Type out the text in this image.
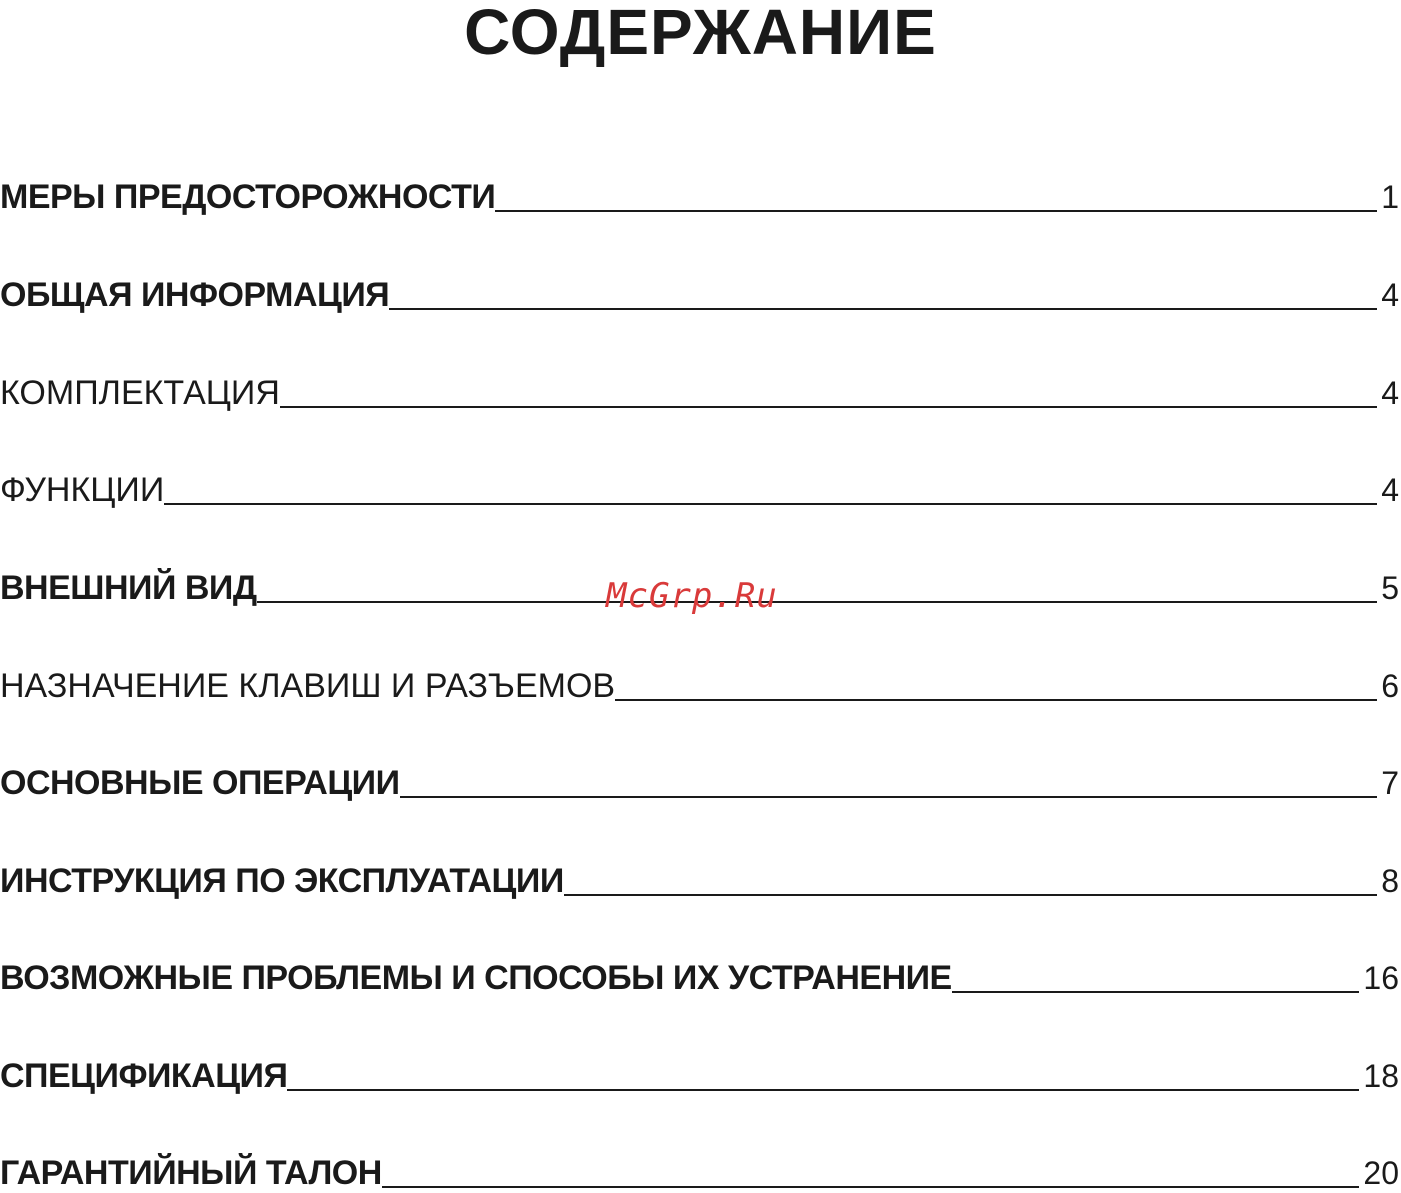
СОДЕРЖАНИЕ
МЕРЫ ПРЕДОСТОРОЖНОСТИ	1
ОБЩАЯ ИНФОРМАЦИЯ	4
КОМПЛЕКТАЦИЯ	4
ФУНКЦИИ	4
ВНЕШНИЙ ВИД	5
НАЗНАЧЕНИЕ КЛАВИШ И РАЗЪЕМОВ	6
ОСНОВНЫЕ ОПЕРАЦИИ	7
ИНСТРУКЦИЯ ПО ЭКСПЛУАТАЦИИ	8
ВОЗМОЖНЫЕ ПРОБЛЕМЫ И СПОСОБЫ ИХ УСТРАНЕНИЕ	16
СПЕЦИФИКАЦИЯ	18
ГАРАНТИЙНЫЙ ТАЛОН	20
McGrp.Ru
